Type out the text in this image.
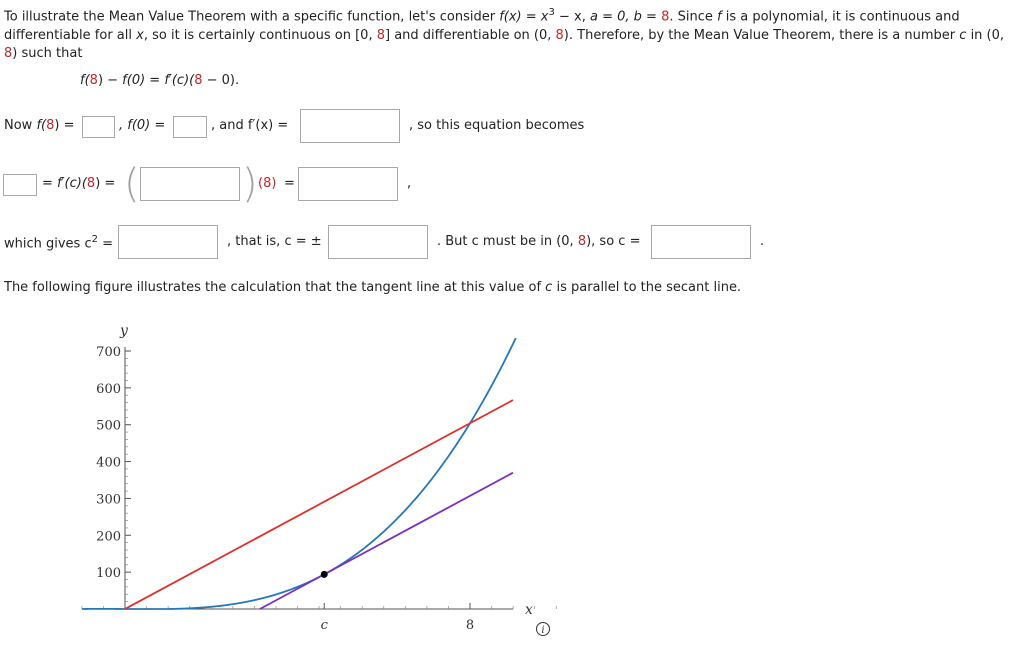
To illustrate the Mean Value Theorem with a specific function, let's consider $f(x) = x^3 - x$, a = 0, b = 8. Since f is a polynomial, it is continuous and differentiable for all x, so it is certainly continuous on [0, 8] and differentiable on (0, 8). Therefore, by the Mean Value Theorem, there is a number c in (0, 8) such that
f(8) − f(0) = f′(c)(8 − 0).
Now f(8) =	, f(0) =	, and f′(x) =	, so this equation becomes
= f′(c)(8) = (	) (8) =	,
which gives $c^2$ =	, that is, c = ±	. But c must be in (0, 8), so c =	.
The following figure illustrates the calculation that the tangent line at this value of c is parallel to the secant line.
100
200
300
400
500
600
700
c	8
x
y
i
